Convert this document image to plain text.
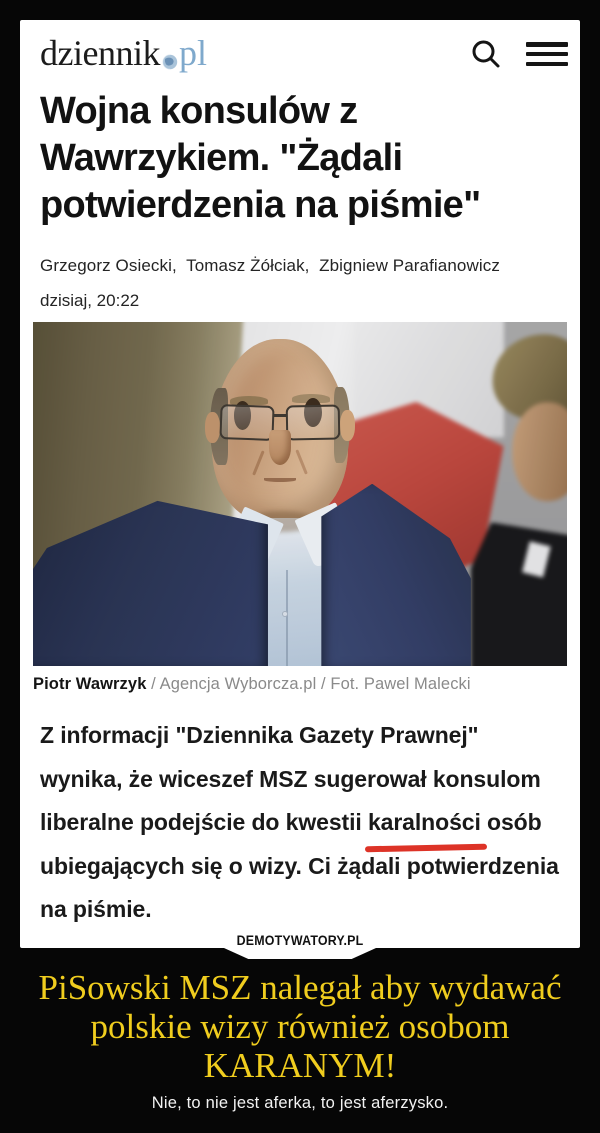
dziennik pl
Wojna konsulów z Wawrzykiem. "Żądali potwierdzenia na piśmie"
Grzegorz Osiecki,  Tomasz Żółciak,  Zbigniew Parafianowicz
dzisiaj, 20:22
Piotr Wawrzyk / Agencja Wyborcza.pl / Fot. Pawel Malecki

Z informacji "Dziennika Gazety Prawnej" wynika, że wiceszef MSZ sugerował konsulom liberalne podejście do kwestii karalności
osób ubiegających się o wizy. Ci żądali potwierdzenia na piśmie.

DEMOTYWATORY.PL
PiSowski MSZ nalegał aby wydawać polskie wizy również osobom KARANYM!
Nie, to nie jest aferka, to jest aferzysko.
